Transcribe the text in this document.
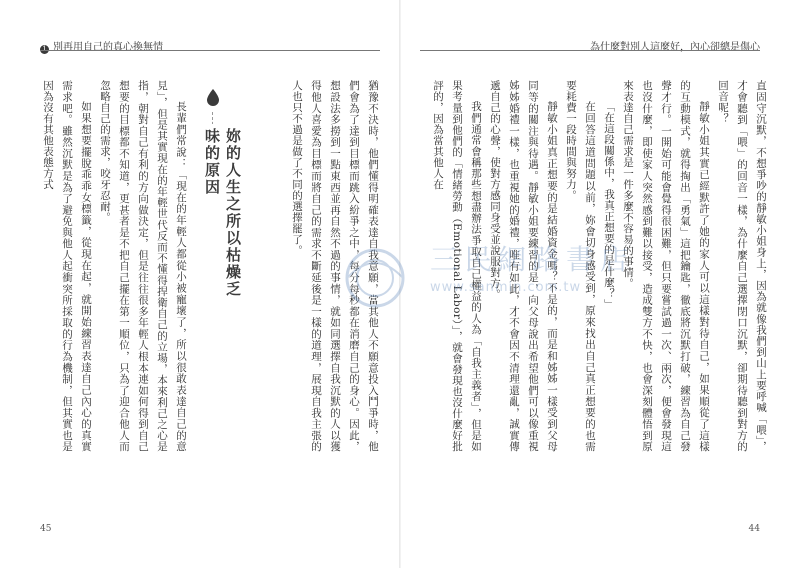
1 別再用自己的真心換無情	為什麼對別人這麼好，內心卻總是傷心

直固守沉默，不想爭吵的靜敏小姐身上，因為就像我們到山上要呼喊「喂」，才會聽到「喂」的回音一樣，為什麼自己選擇閉口沉默，卻期待聽到對方的回音呢？

靜敏小姐其實已經默許了她的家人可以這樣對待自己，如果順從了這樣的互動模式，就得掏出「勇氣」這把鑰匙，徹底將沉默打破，練習為自己發聲才行。一開始可能會覺得很困難，但只要嘗試過一次、兩次，便會發現這也沒什麼，即使家人突然感到難以接受，造成雙方不快，也會深刻體悟到原來表達自己需求是一件多麼不容易的事情。

「在這段關係中，我真正想要的是什麼？」

在回答這道問題以前，妳會切身感受到，原來找出自己真正想要的也需要耗費一段時間與努力。

靜敏小姐真正想要的是結婚資金嗎？不是的，而是和姊姊一樣受到父母同等的關注與待遇。靜敏小姐要練習的是，向父母說出希望他們可以像重視姊姊婚禮一樣，也重視她的婚禮，唯有如此，才不會因不清理還亂，誠實傳遞自己的心聲，使對方感同身受並說服對方。

我們通常會稱那些想盡辦法爭取自己權益的人為「自我主義者」，但是如果考量到他們的「情緒勞動（Emotional Labor）」，就會發現也沒什麼好批評的，因為當其他人在

猶豫不決時，他們懂得明確表達自我意願，當其他人不願意投入鬥爭時，他們會為了達到目標而跳入紛爭之中，每分每秒都在消磨自己的身心。因此，想設法多撈到一點東西並再自然不過的事情，就如同選擇自我沉默的人以獲得他人喜愛為目標而將自己的需求不斷延後是一樣的道理，展現自我主張的人也只不過是做了不同的選擇罷了。

妳的人生之所以枯燥乏味的原因

長輩們常說：「現在的年輕人都從小被寵壞了，所以很敢表達自己的意見」，但是其實現在的年輕世代反而不懂得捍衛自己的立場，本來利己之心是指，朝對自己有利的方向做決定，但是往往很多年輕人根本連如何得到自己想要的目標都不知道，更甚者是不把自己擺在第一順位，只為了迎合他人而忽略自己的需求，咬牙忍耐。

如果想要擺脫乖乖女標籤，從現在起，就開始練習表達自己內心的真實需求吧。雖然沉默是為了避免與他人起衝突所採取的行為機制，但其實也是因為沒有其他表態方式

三民網路書店
www.sanmin.com.tw
45	44
